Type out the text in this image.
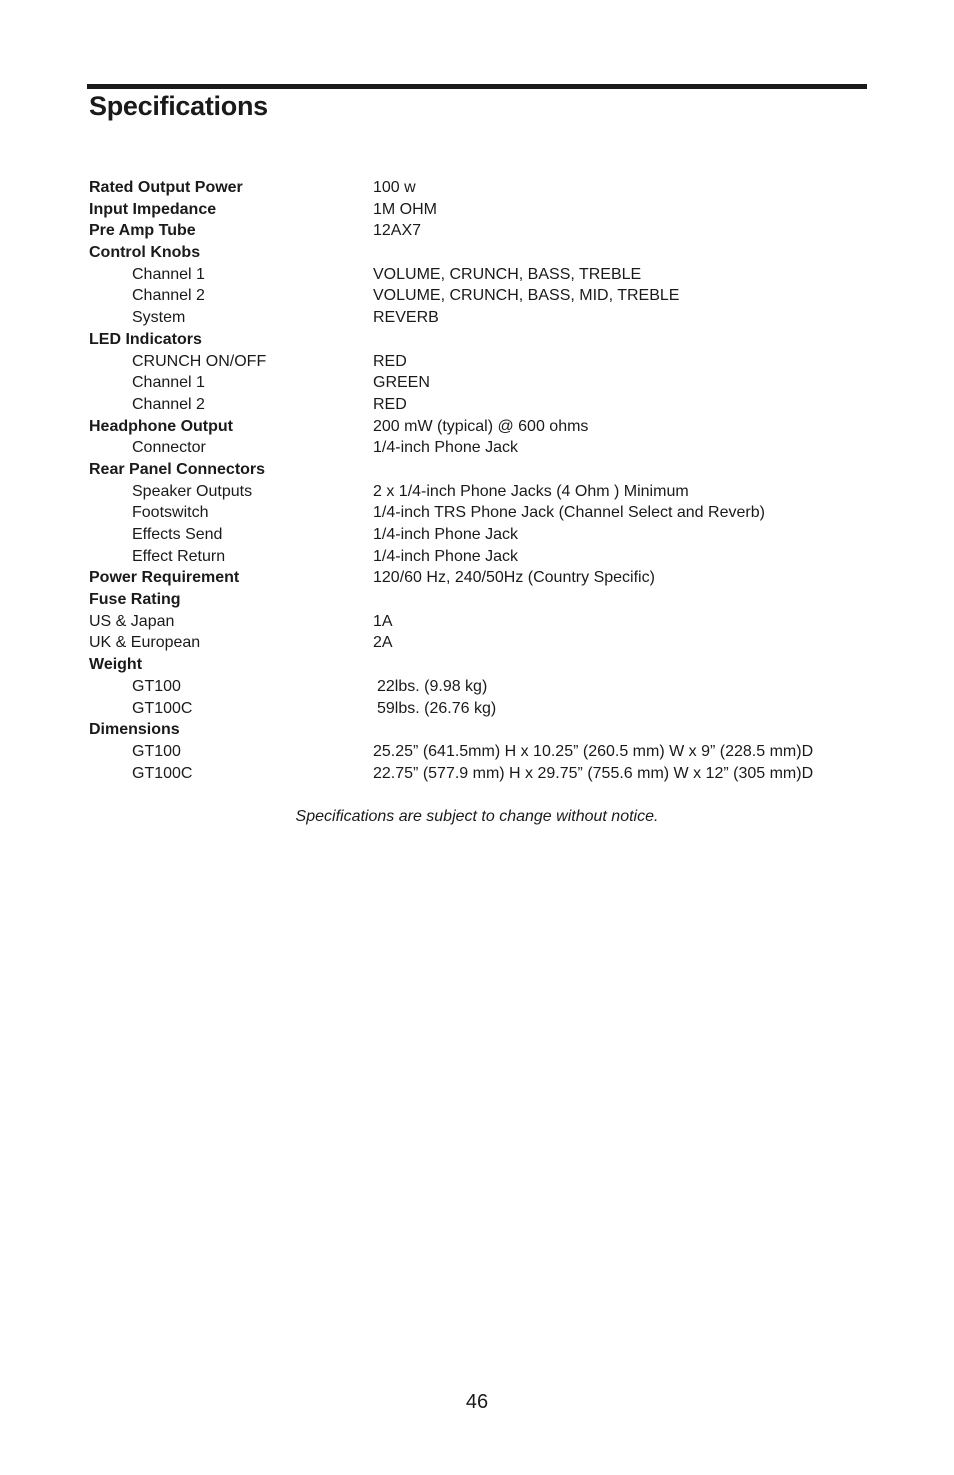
Specifications
Rated Output Power	100 w
Input Impedance	1M OHM
Pre Amp Tube	12AX7
Control Knobs
Channel 1	VOLUME, CRUNCH, BASS, TREBLE
Channel 2	VOLUME, CRUNCH, BASS, MID, TREBLE
System	REVERB
LED Indicators
CRUNCH ON/OFF	RED
Channel 1	GREEN
Channel 2	RED
Headphone Output	200 mW (typical) @ 600 ohms
Connector	1/4-inch Phone Jack
Rear Panel Connectors
Speaker Outputs	2 x 1/4-inch Phone Jacks (4 Ohm ) Minimum
Footswitch	1/4-inch TRS Phone Jack (Channel Select and Reverb)
Effects Send	1/4-inch Phone Jack
Effect Return	1/4-inch Phone Jack
Power Requirement	120/60 Hz, 240/50Hz (Country Specific)
Fuse Rating
US & Japan	1A
UK & European	2A
Weight
GT100	22lbs. (9.98 kg)
GT100C	59lbs. (26.76 kg)
Dimensions
GT100	25.25” (641.5mm) H x 10.25” (260.5 mm) W x 9” (228.5 mm)D
GT100C	22.75” (577.9 mm) H x 29.75” (755.6 mm) W x 12” (305 mm)D
Specifications are subject to change without notice.
46
